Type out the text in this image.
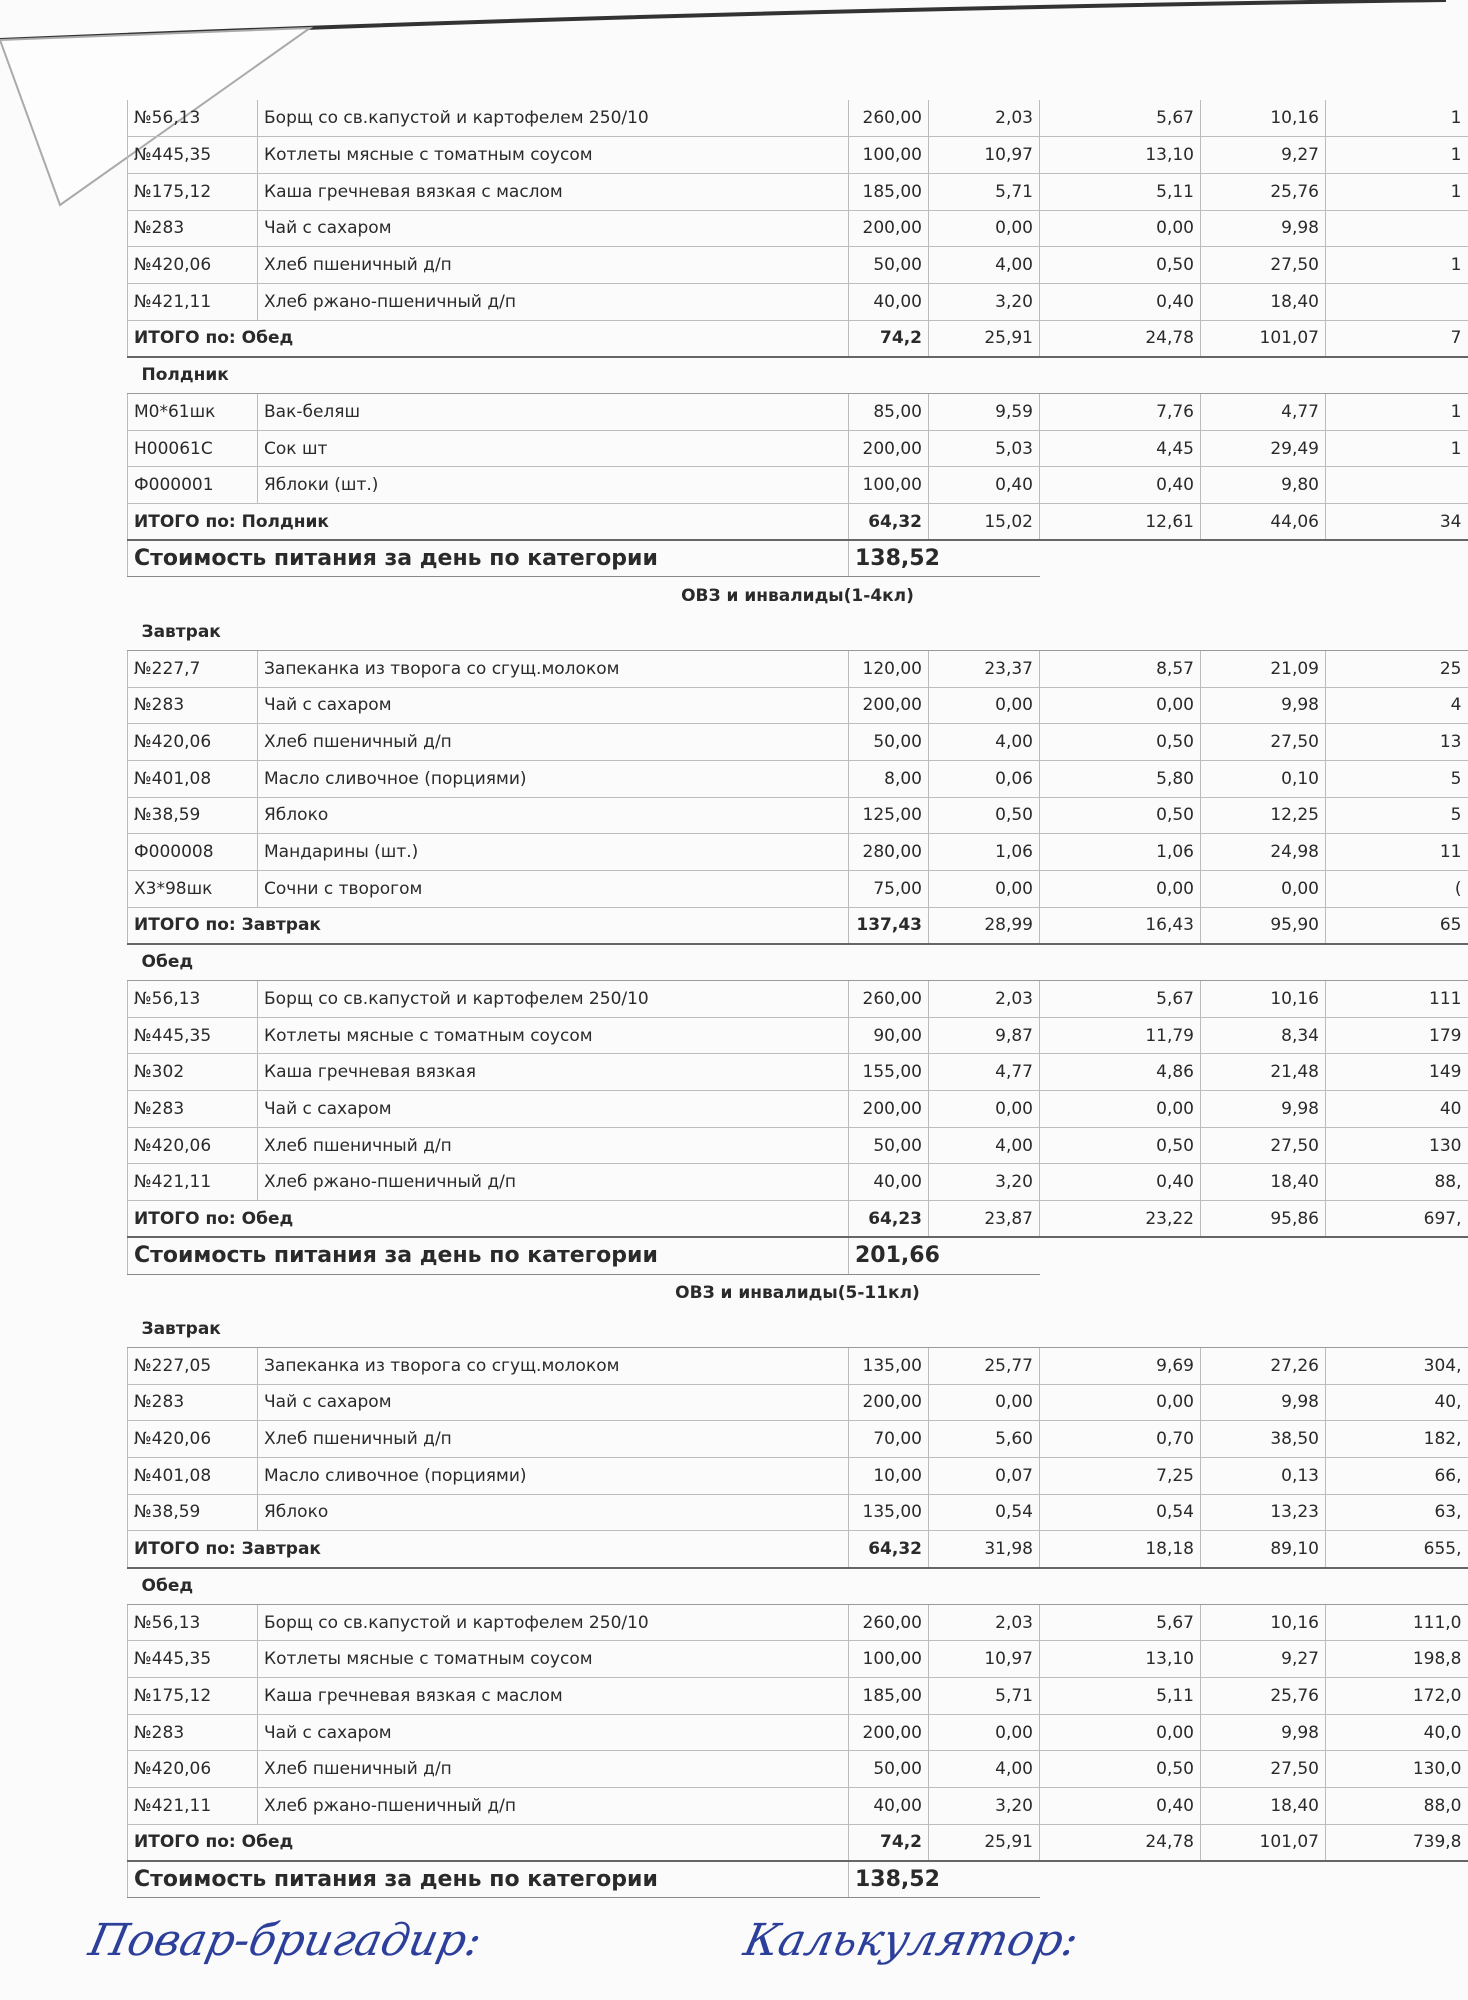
№56,13	Борщ со св.капустой и картофелем 250/10	260,00	2,03	5,67	10,16	1
№445,35	Котлеты мясные с томатным соусом	100,00	10,97	13,10	9,27	1
№175,12	Каша гречневая вязкая с маслом	185,00	5,71	5,11	25,76	1
№283	Чай с сахаром	200,00	0,00	0,00	9,98	
№420,06	Хлеб пшеничный д/п	50,00	4,00	0,50	27,50	1
№421,11	Хлеб ржано-пшеничный д/п	40,00	3,20	0,40	18,40	
ИТОГО по: Обед		74,2	25,91	24,78	101,07	7
Полдник						
М0*61шк	Вак-беляш	85,00	9,59	7,76	4,77	1
Н00061С	Сок шт	200,00	5,03	4,45	29,49	1
Ф000001	Яблоки (шт.)	100,00	0,40	0,40	9,80	
ИТОГО по: Полдник		64,32	15,02	12,61	44,06	34
Стоимость питания за день по категории		138,52				
ОВЗ и инвалиды(1-4кл)						
Завтрак						
№227,7	Запеканка из творога со сгущ.молоком	120,00	23,37	8,57	21,09	25
№283	Чай с сахаром	200,00	0,00	0,00	9,98	4
№420,06	Хлеб пшеничный д/п	50,00	4,00	0,50	27,50	13
№401,08	Масло сливочное (порциями)	8,00	0,06	5,80	0,10	5
№38,59	Яблоко	125,00	0,50	0,50	12,25	5
Ф000008	Мандарины (шт.)	280,00	1,06	1,06	24,98	11
Х3*98шк	Сочни с творогом	75,00	0,00	0,00	0,00	(
ИТОГО по: Завтрак		137,43	28,99	16,43	95,90	65
Обед						
№56,13	Борщ со св.капустой и картофелем 250/10	260,00	2,03	5,67	10,16	111
№445,35	Котлеты мясные с томатным соусом	90,00	9,87	11,79	8,34	179
№302	Каша гречневая вязкая	155,00	4,77	4,86	21,48	149
№283	Чай с сахаром	200,00	0,00	0,00	9,98	40
№420,06	Хлеб пшеничный д/п	50,00	4,00	0,50	27,50	130
№421,11	Хлеб ржано-пшеничный д/п	40,00	3,20	0,40	18,40	88,
ИТОГО по: Обед		64,23	23,87	23,22	95,86	697,
Стоимость питания за день по категории		201,66				
ОВЗ и инвалиды(5-11кл)						
Завтрак						
№227,05	Запеканка из творога со сгущ.молоком	135,00	25,77	9,69	27,26	304,
№283	Чай с сахаром	200,00	0,00	0,00	9,98	40,
№420,06	Хлеб пшеничный д/п	70,00	5,60	0,70	38,50	182,
№401,08	Масло сливочное (порциями)	10,00	0,07	7,25	0,13	66,
№38,59	Яблоко	135,00	0,54	0,54	13,23	63,
ИТОГО по: Завтрак		64,32	31,98	18,18	89,10	655,
Обед						
№56,13	Борщ со св.капустой и картофелем 250/10	260,00	2,03	5,67	10,16	111,0
№445,35	Котлеты мясные с томатным соусом	100,00	10,97	13,10	9,27	198,8
№175,12	Каша гречневая вязкая с маслом	185,00	5,71	5,11	25,76	172,0
№283	Чай с сахаром	200,00	0,00	0,00	9,98	40,0
№420,06	Хлеб пшеничный д/п	50,00	4,00	0,50	27,50	130,0
№421,11	Хлеб ржано-пшеничный д/п	40,00	3,20	0,40	18,40	88,0
ИТОГО по: Обед		74,2	25,91	24,78	101,07	739,8
Стоимость питания за день по категории		138,52				
Повар-бригадир:	Калькулятор:
